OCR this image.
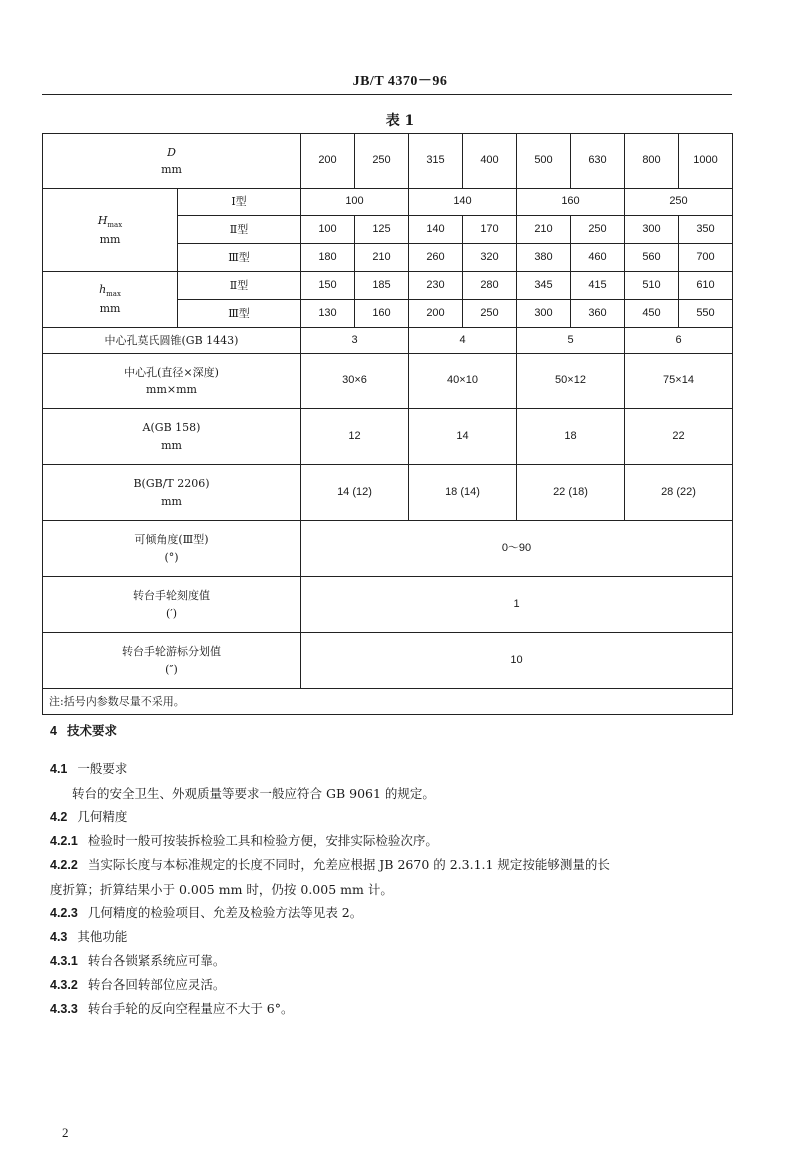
JB/T 4370－96
表 1
D
mm		200	250	315	400	500	630	800	1000
$H_{max}$
mm	Ⅰ型	100		140		160		250	
	Ⅱ型	100	125	140	170	210	250	300	350
	Ⅲ型	180	210	260	320	380	460	560	700
$h_{max}$
mm	Ⅱ型	150	185	230	280	345	415	510	610
	Ⅲ型	130	160	200	250	300	360	450	550
中心孔莫氏圆锥(GB 1443)		3		4		5		6	
中心孔(直径×深度)
mm×mm		30×6		40×10		50×12		75×14	
A(GB 158)
mm		12		14		18		22	
B(GB/T 2206)
mm		14 (12)		18 (14)		22 (18)		28 (22)	
可倾角度(Ⅲ型)
(°)		0～90							
转台手轮刻度值
(′)		1							
转台手轮游标分划值
(″)		10							
注:括号内参数尽量不采用。									
4 技术要求
4.1 一般要求
转台的安全卫生、外观质量等要求一般应符合 GB 9061 的规定。
4.2 几何精度
4.2.1 检验时一般可按装拆检验工具和检验方便，安排实际检验次序。
4.2.2 当实际长度与本标准规定的长度不同时，允差应根据 JB 2670 的 2.3.1.1 规定按能够测量的长
度折算；折算结果小于 0.005 mm 时，仍按 0.005 mm 计。
4.2.3 几何精度的检验项目、允差及检验方法等见表 2。
4.3 其他功能
4.3.1 转台各锁紧系统应可靠。
4.3.2 转台各回转部位应灵活。
4.3.3 转台手轮的反向空程量应不大于 6°。
2
